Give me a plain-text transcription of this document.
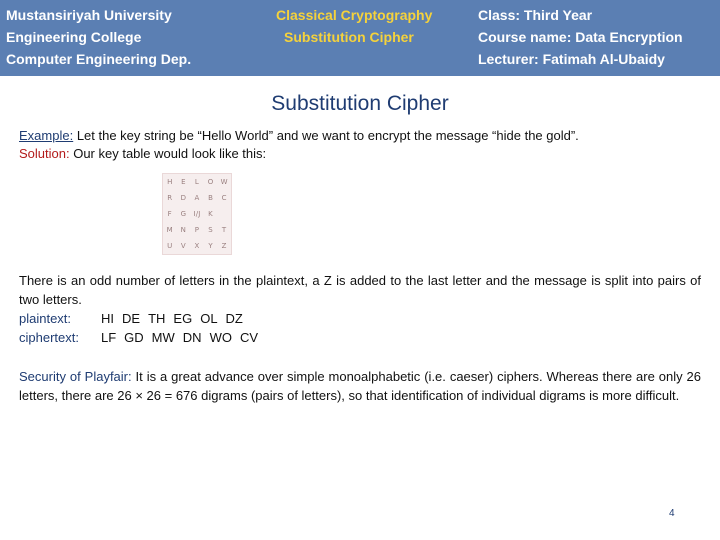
Mustansiriyah University
Engineering College
Computer Engineering Dep.
Classical Cryptography
Substitution Cipher
Class: Third Year
Course name: Data Encryption
Lecturer: Fatimah Al-Ubaidy
Substitution Cipher
Example: Let the key string be “Hello World” and we want to encrypt the message “hide the gold”.
Solution: Our key table would look like this:
H	E	L	O	W
R	D	A	B	C
F	G	I/J	K
M	N	P	S	T
U	V	X	Y	Z
There is an odd number of letters in the plaintext, a Z is added to the last letter and the message is split into pairs of two letters.
plaintext: HI DE TH EG OL DZ
ciphertext: LF GD MW DN WO CV
Security of Playfair: It is a great advance over simple monoalphabetic (i.e. caeser) ciphers. Whereas there are only 26 letters, there are 26 × 26 = 676 digrams (pairs of letters), so that identification of individual digrams is more difficult.
4
